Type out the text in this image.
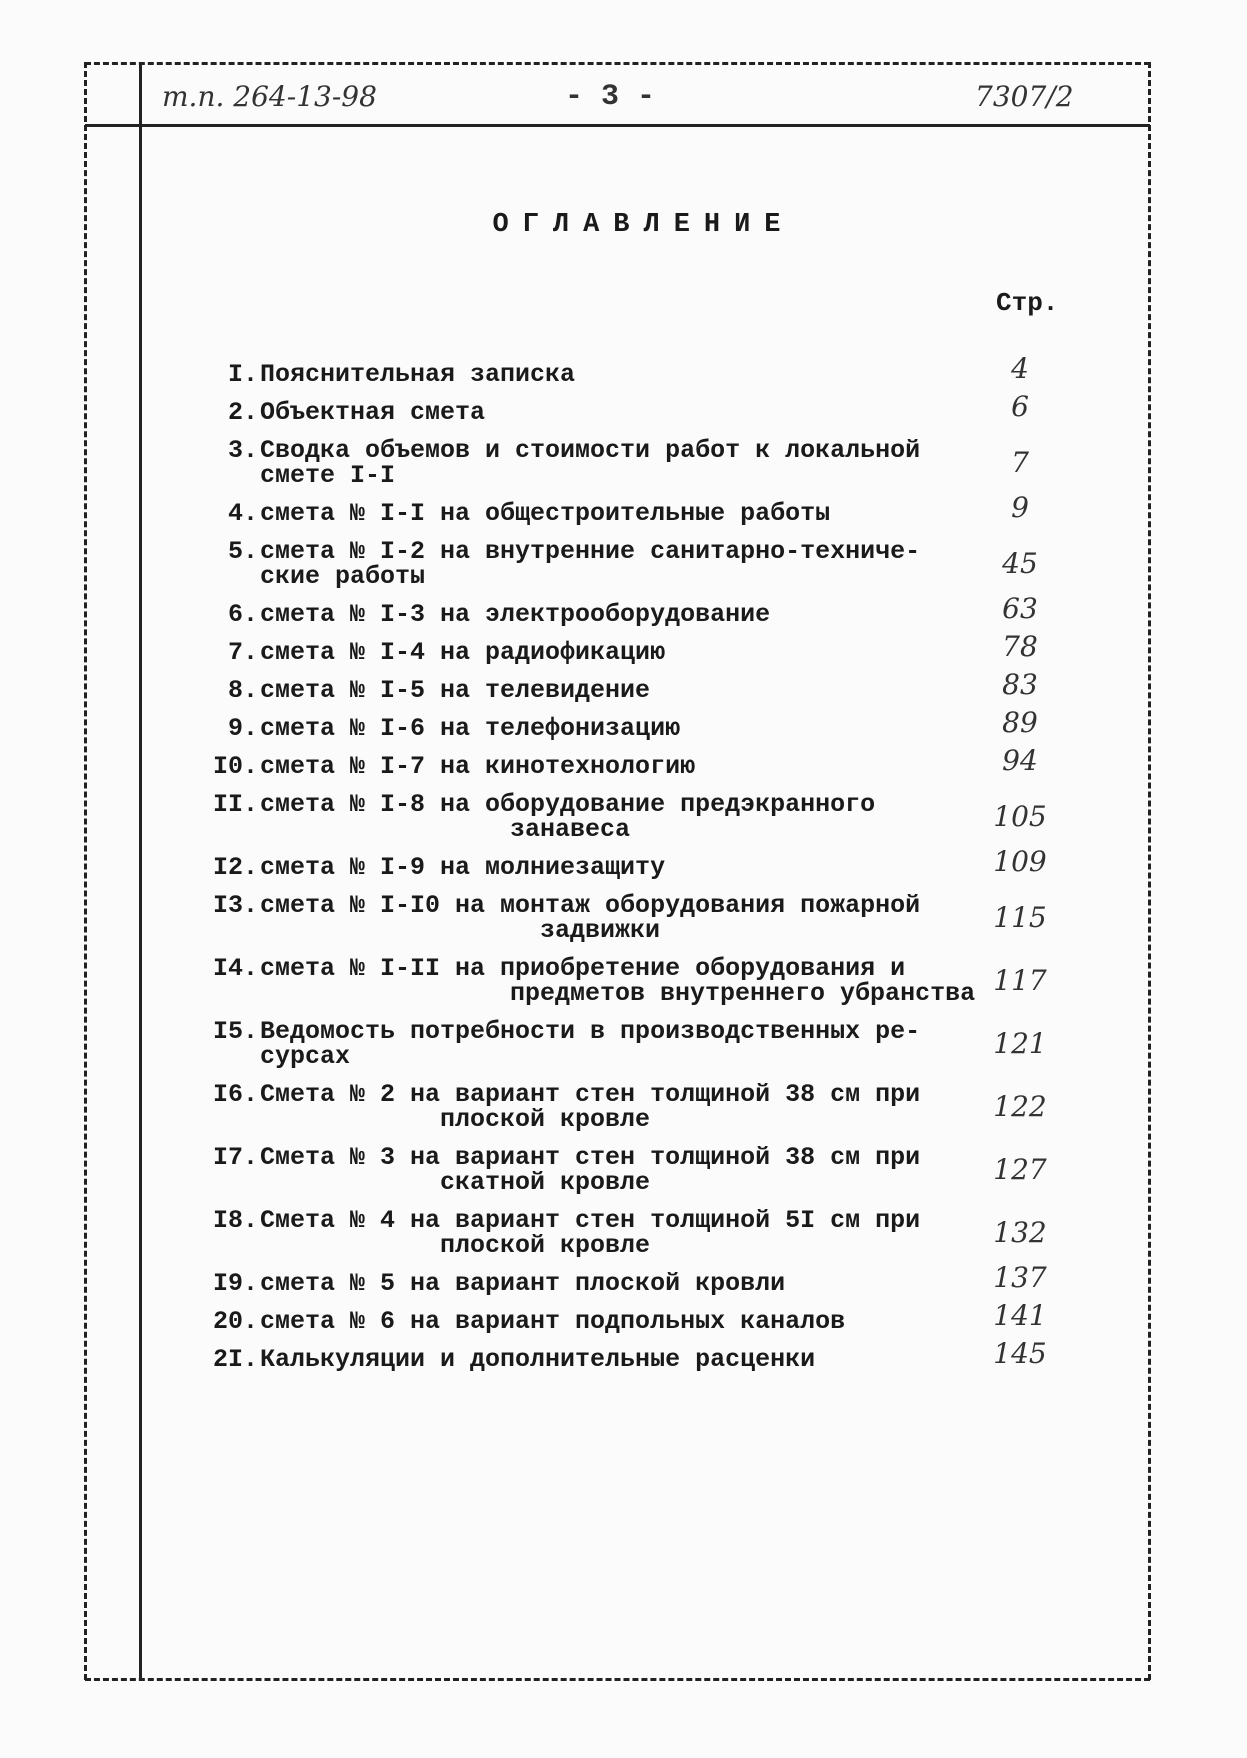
т.п. 264-13-98	- 3 -	7307/2
ОГЛАВЛЕНИЕ
Стр.
I. Пояснительная записка	4
2. Объектная смета	6
3. Сводка объемов и стоимости работ к локальной
смете I-I	7
4. смета № I-I на общестроительные работы	9
5. смета № I-2 на внутренние санитарно-техниче-
ские работы	45
6. смета № I-3 на электрооборудование	63
7. смета № I-4 на радиофикацию	78
8. смета № I-5 на телевидение	83
9. смета № I-6 на телефонизацию	89
I0. смета № I-7 на кинотехнологию	94
II. смета № I-8 на оборудование предэкранного
занавеса	105
I2. смета № I-9 на молниезащиту	109
I3. смета № I-I0 на монтаж оборудования пожарной
задвижки	115
I4. смета № I-II на приобретение оборудования и
предметов внутреннего убранства 117
I5. Ведомость потребности в производственных ре-
сурсах	121
I6. Смета № 2 на вариант стен толщиной 38 см при
плоской кровле	122
I7. Смета № 3 на вариант стен толщиной 38 см при
скатной кровле	127
I8. Смета № 4 на вариант стен толщиной 5I см при
плоской кровле	132
I9. смета № 5 на вариант плоской кровли	137
20. смета № 6 на вариант подпольных каналов	141
2I. Калькуляции и дополнительные расценки	145
